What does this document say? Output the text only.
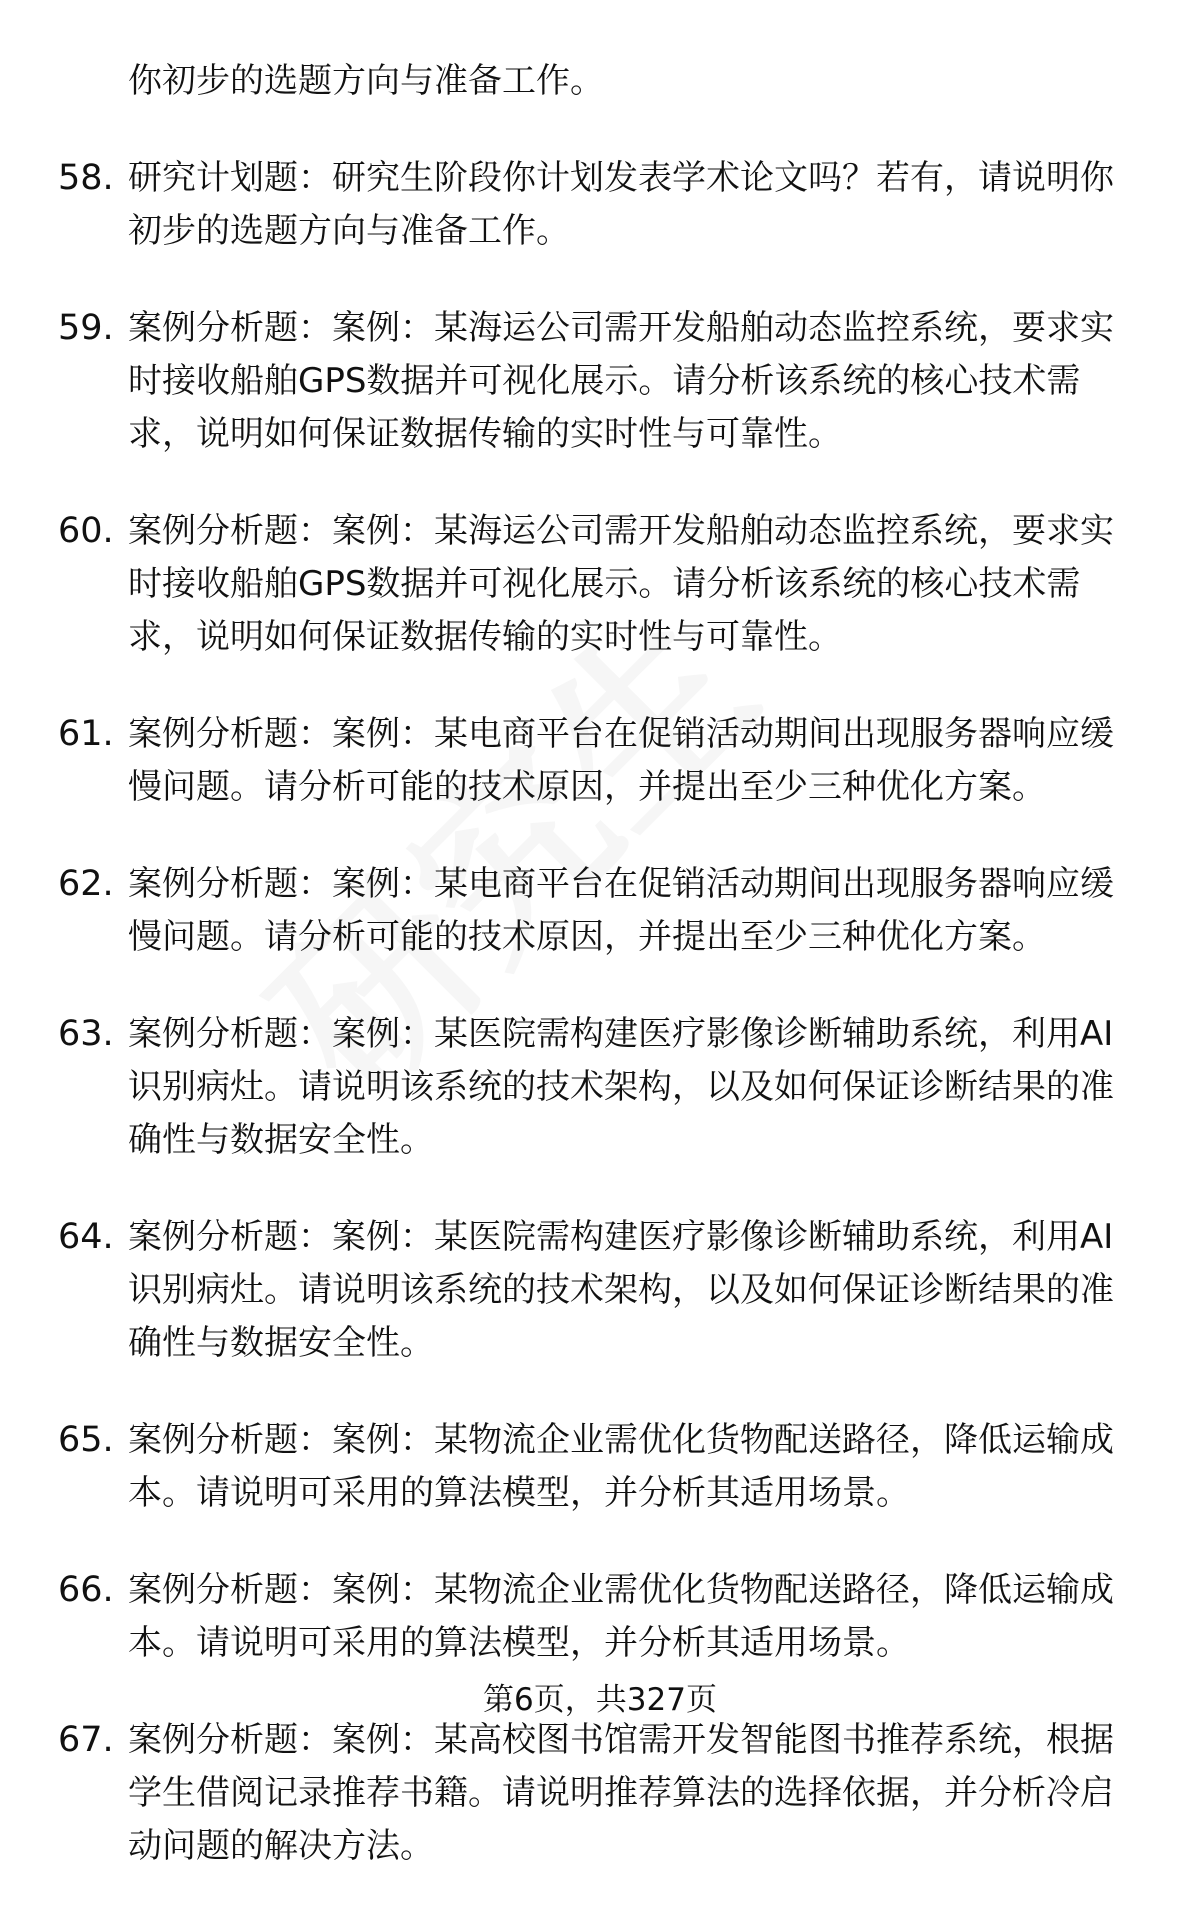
你初步的选题方向与准备工作。
58. 研究计划题：研究生阶段你计划发表学术论文吗？若有，请说明你初步的选题方向与准备工作。
59. 案例分析题：案例：某海运公司需开发船舶动态监控系统，要求实时接收船舶GPS数据并可视化展示。请分析该系统的核心技术需求，说明如何保证数据传输的实时性与可靠性。
60. 案例分析题：案例：某海运公司需开发船舶动态监控系统，要求实时接收船舶GPS数据并可视化展示。请分析该系统的核心技术需求，说明如何保证数据传输的实时性与可靠性。
61. 案例分析题：案例：某电商平台在促销活动期间出现服务器响应缓慢问题。请分析可能的技术原因，并提出至少三种优化方案。
62. 案例分析题：案例：某电商平台在促销活动期间出现服务器响应缓慢问题。请分析可能的技术原因，并提出至少三种优化方案。
63. 案例分析题：案例：某医院需构建医疗影像诊断辅助系统，利用AI识别病灶。请说明该系统的技术架构，以及如何保证诊断结果的准确性与数据安全性。
64. 案例分析题：案例：某医院需构建医疗影像诊断辅助系统，利用AI识别病灶。请说明该系统的技术架构，以及如何保证诊断结果的准确性与数据安全性。
65. 案例分析题：案例：某物流企业需优化货物配送路径，降低运输成本。请说明可采用的算法模型，并分析其适用场景。
66. 案例分析题：案例：某物流企业需优化货物配送路径，降低运输成本。请说明可采用的算法模型，并分析其适用场景。
67. 案例分析题：案例：某高校图书馆需开发智能图书推荐系统，根据学生借阅记录推荐书籍。请说明推荐算法的选择依据，并分析冷启动问题的解决方法。
第6页，共327页
